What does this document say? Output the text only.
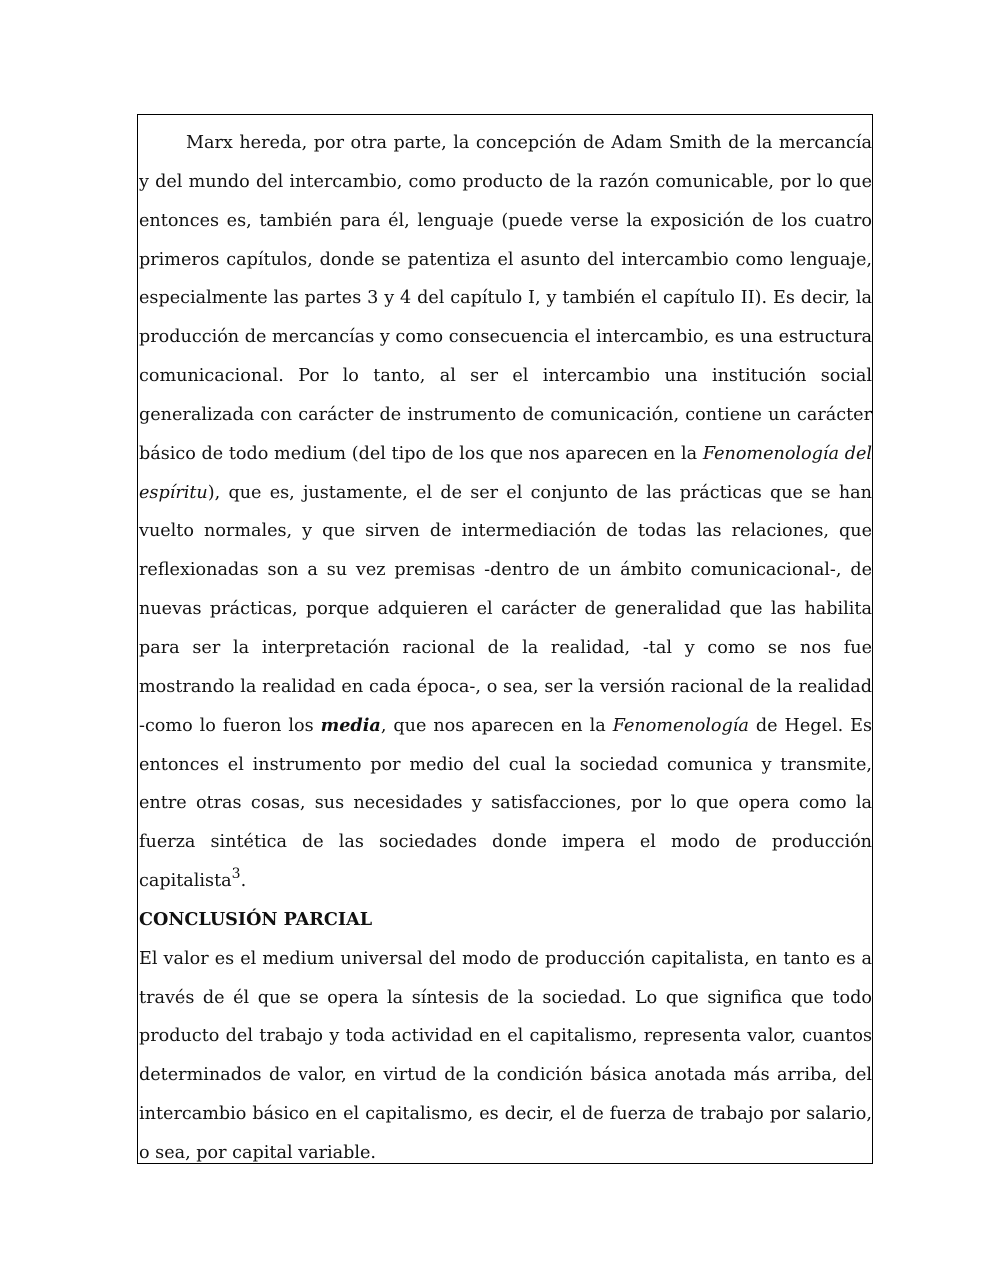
Marx hereda, por otra parte, la concepción de Adam Smith de la mercancía y del mundo del intercambio, como producto de la razón comunicable, por lo que entonces es, también para él, lenguaje (puede verse la exposición de los cuatro primeros capítulos, donde se patentiza el asunto del intercambio como lenguaje, especialmente las partes 3 y 4 del capítulo I, y también el capítulo II). Es decir, la producción de mercancías y como consecuencia el intercambio, es una estructura comunicacional. Por lo tanto, al ser el intercambio una institución social generalizada con carácter de instrumento de comunicación, contiene un carácter básico de todo medium (del tipo de los que nos aparecen en la Fenomenología del espíritu), que es, justamente, el de ser el conjunto de las prácticas que se han vuelto normales, y que sirven de intermediación de todas las relaciones, que reflexionadas son a su vez premisas -dentro de un ámbito comunicacional-, de nuevas prácticas, porque adquieren el carácter de generalidad que las habilita para ser la interpretación racional de la realidad, -tal y como se nos fue mostrando la realidad en cada época-, o sea, ser la versión racional de la realidad -como lo fueron los media, que nos aparecen en la Fenomenología de Hegel. Es entonces el instrumento por medio del cual la sociedad comunica y transmite, entre otras cosas, sus necesidades y satisfacciones, por lo que opera como la fuerza sintética de las sociedades donde impera el modo de producción capitalista$^3$.

CONCLUSIÓN PARCIAL

El valor es el medium universal del modo de producción capitalista, en tanto es a través de él que se opera la síntesis de la sociedad. Lo que significa que todo producto del trabajo y toda actividad en el capitalismo, representa valor, cuantos determinados de valor, en virtud de la condición básica anotada más arriba, del intercambio básico en el capitalismo, es decir, el de fuerza de trabajo por salario, o sea, por capital variable.
